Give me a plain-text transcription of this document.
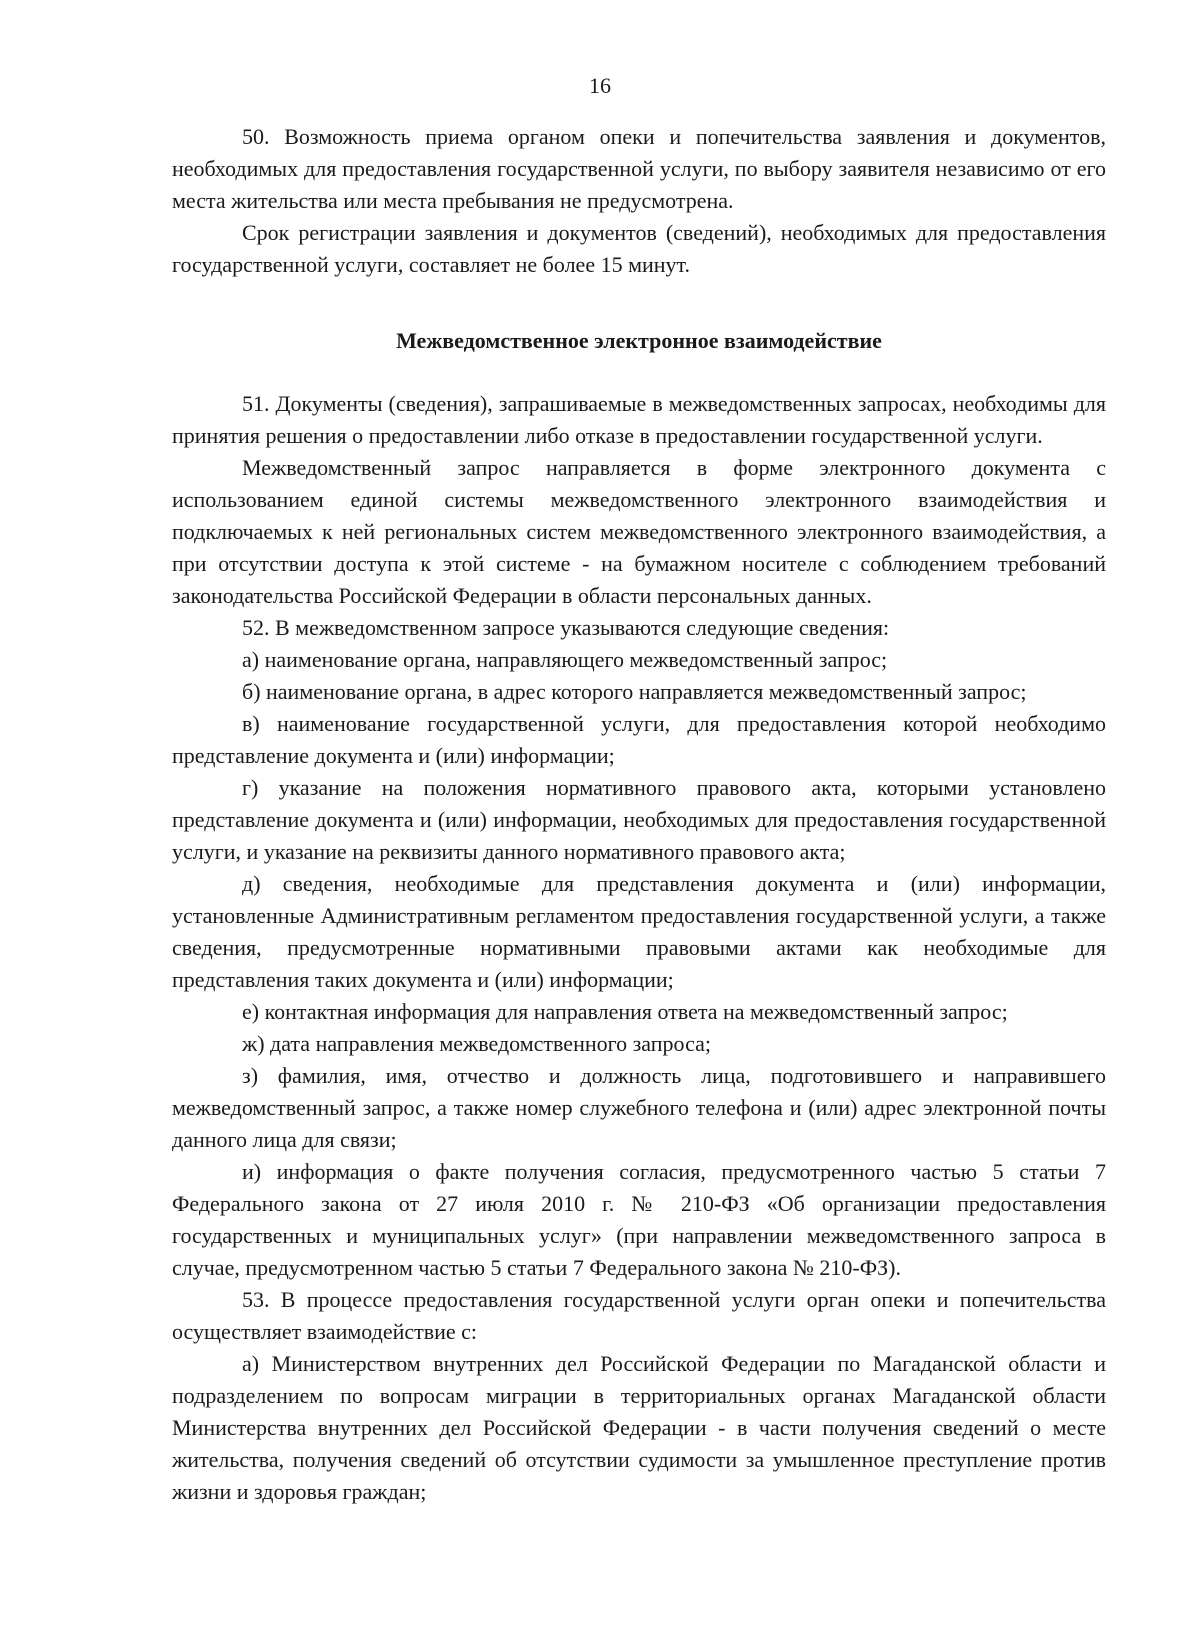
16

50. Возможность приема органом опеки и попечительства заявления и документов, необходимых для предоставления государственной услуги, по выбору заявителя независимо от его места жительства или места пребывания не предусмотрена.

Срок регистрации заявления и документов (сведений), необходимых для предоставления государственной услуги, составляет не более 15 минут.

Межведомственное электронное взаимодействие

51. Документы (сведения), запрашиваемые в межведомственных запросах, необходимы для принятия решения о предоставлении либо отказе в предоставлении государственной услуги.

Межведомственный запрос направляется в форме электронного документа с использованием единой системы межведомственного электронного взаимодействия и подключаемых к ней региональных систем межведомственного электронного взаимодействия, а при отсутствии доступа к этой системе - на бумажном носителе с соблюдением требований законодательства Российской Федерации в области персональных данных.

52. В межведомственном запросе указываются следующие сведения:

а) наименование органа, направляющего межведомственный запрос;

б) наименование органа, в адрес которого направляется межведомственный запрос;

в) наименование государственной услуги, для предоставления которой необходимо представление документа и (или) информации;

г) указание на положения нормативного правового акта, которыми установлено представление документа и (или) информации, необходимых для предоставления государственной услуги, и указание на реквизиты данного нормативного правового акта;

д) сведения, необходимые для представления документа и (или) информации, установленные Административным регламентом предоставления государственной услуги, а также сведения, предусмотренные нормативными правовыми актами как необходимые для представления таких документа и (или) информации;

е) контактная информация для направления ответа на межведомственный запрос;

ж) дата направления межведомственного запроса;

з) фамилия, имя, отчество и должность лица, подготовившего и направившего межведомственный запрос, а также номер служебного телефона и (или) адрес электронной почты данного лица для связи;

и) информация о факте получения согласия, предусмотренного частью 5 статьи 7 Федерального закона от 27 июля 2010 г. № 210-ФЗ «Об организации предоставления государственных и муниципальных услуг» (при направлении межведомственного запроса в случае, предусмотренном частью 5 статьи 7 Федерального закона № 210-ФЗ).

53. В процессе предоставления государственной услуги орган опеки и попечительства осуществляет взаимодействие с:

а) Министерством внутренних дел Российской Федерации по Магаданской области и подразделением по вопросам миграции в территориальных органах Магаданской области Министерства внутренних дел Российской Федерации - в части получения сведений о месте жительства, получения сведений об отсутствии судимости за умышленное преступление против жизни и здоровья граждан;
